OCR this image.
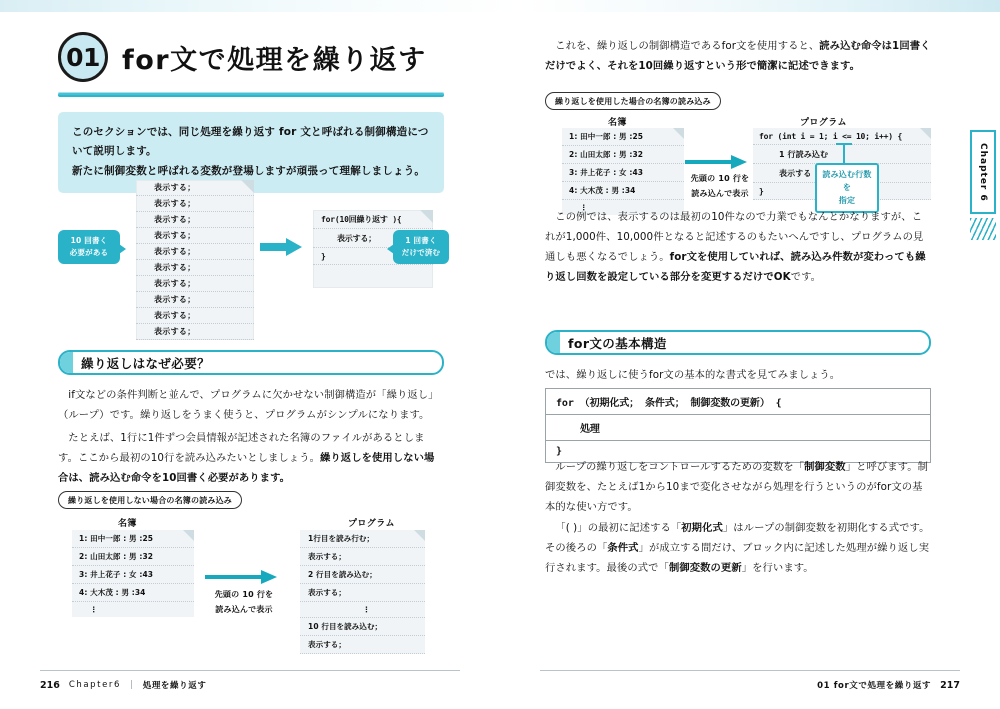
01 for文で処理を繰り返す

このセクションでは、同じ処理を繰り返す for 文と呼ばれる制御構造について説明します。

新たに制御変数と呼ばれる変数が登場しますが頑張って理解しましょう。

表示する；
表示する；
表示する；
表示する；
表示する；
表示する；
表示する；
表示する；
表示する；
表示する；
10 回書く
必要がある
for(10回繰り返す ){
表示する；
}
1 回書く
だけで済む
繰り返しはなぜ必要？
if文などの条件判断と並んで、プログラムに欠かせない制御構造が「繰り返し」（ループ）です。繰り返しをうまく使うと、プログラムがシンプルになります。
たとえば、1行に1件ずつ会員情報が記述された名簿のファイルがあるとします。ここから最初の10行を読み込みたいとしましょう。繰り返しを使用しない場合は、読み込む命令を10回書く必要があります。
繰り返しを使用しない場合の名簿の読み込み
名簿	プログラム
1: 田中一郎 : 男 :25
2: 山田太郎 : 男 :32
3: 井上花子 : 女 :43
4: 大木茂 : 男 :34
⋮
先頭の 10 行を
読み込んで表示
1行目を読み行む；
表示する；
2 行目を読み込む；
表示する；
⋮
10 行目を読み込む；
表示する；
216 Chapter6 | 処理を繰り返す
これを、繰り返しの制御構造であるfor文を使用すると、読み込む命令は1回書くだけでよく、それを10回繰り返すという形で簡潔に記述できます。
繰り返しを使用した場合の名簿の読み込み
名簿	プログラム
1: 田中一郎 : 男 :25
2: 山田太郎 : 男 :32
3: 井上花子 : 女 :43
4: 大木茂 : 男 :34
⋮
先頭の 10 行を
読み込んで表示
for (int i = 1; i <= 10; i++) {
1 行読み込む
表示する
}
読み込む行数を
指定
この例では、表示するのは最初の10件なので力業でもなんとかなりますが、これが1,000件、10,000件となると記述するのもたいへんですし、プログラムの見通しも悪くなるでしょう。for文を使用していれば、読み込み件数が変わっても繰り返し回数を設定している部分を変更するだけでOKです。
for文の基本構造
では、繰り返しに使うfor文の基本的な書式を見てみましょう。
for （初期化式； 条件式； 制御変数の更新） {
処理
}
ループの繰り返しをコントロールするための変数を「制御変数」と呼びます。制御変数を、たとえば1から10まで変化させながら処理を行うというのがfor文の基本的な使い方です。
「( )」の最初に記述する「初期化式」はループの制御変数を初期化する式です。その後ろの「条件式」が成立する間だけ、ブロック内に記述した処理が繰り返し実行されます。最後の式で「制御変数の更新」を行います。
01 for文で処理を繰り返す 217
Chapter 6
